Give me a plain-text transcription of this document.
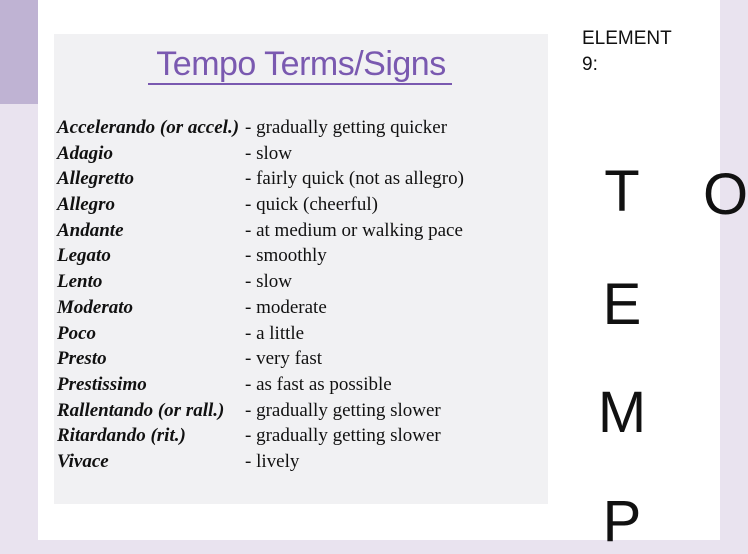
Tempo Terms/Signs
Accelerando (or accel.) - gradually getting quicker
Adagio	- slow
Allegretto	- fairly quick (not as allegro)
Allegro	- quick (cheerful)
Andante	- at medium or walking pace
Legato	- smoothly
Lento	- slow
Moderato	- moderate
Poco	- a little
Presto	- very fast
Prestissimo	- as fast as possible
Rallentando (or rall.)	- gradually getting slower
Ritardando (rit.)	- gradually getting slower
Vivace	- lively
ELEMENT
9:
T
E
M
P
O
